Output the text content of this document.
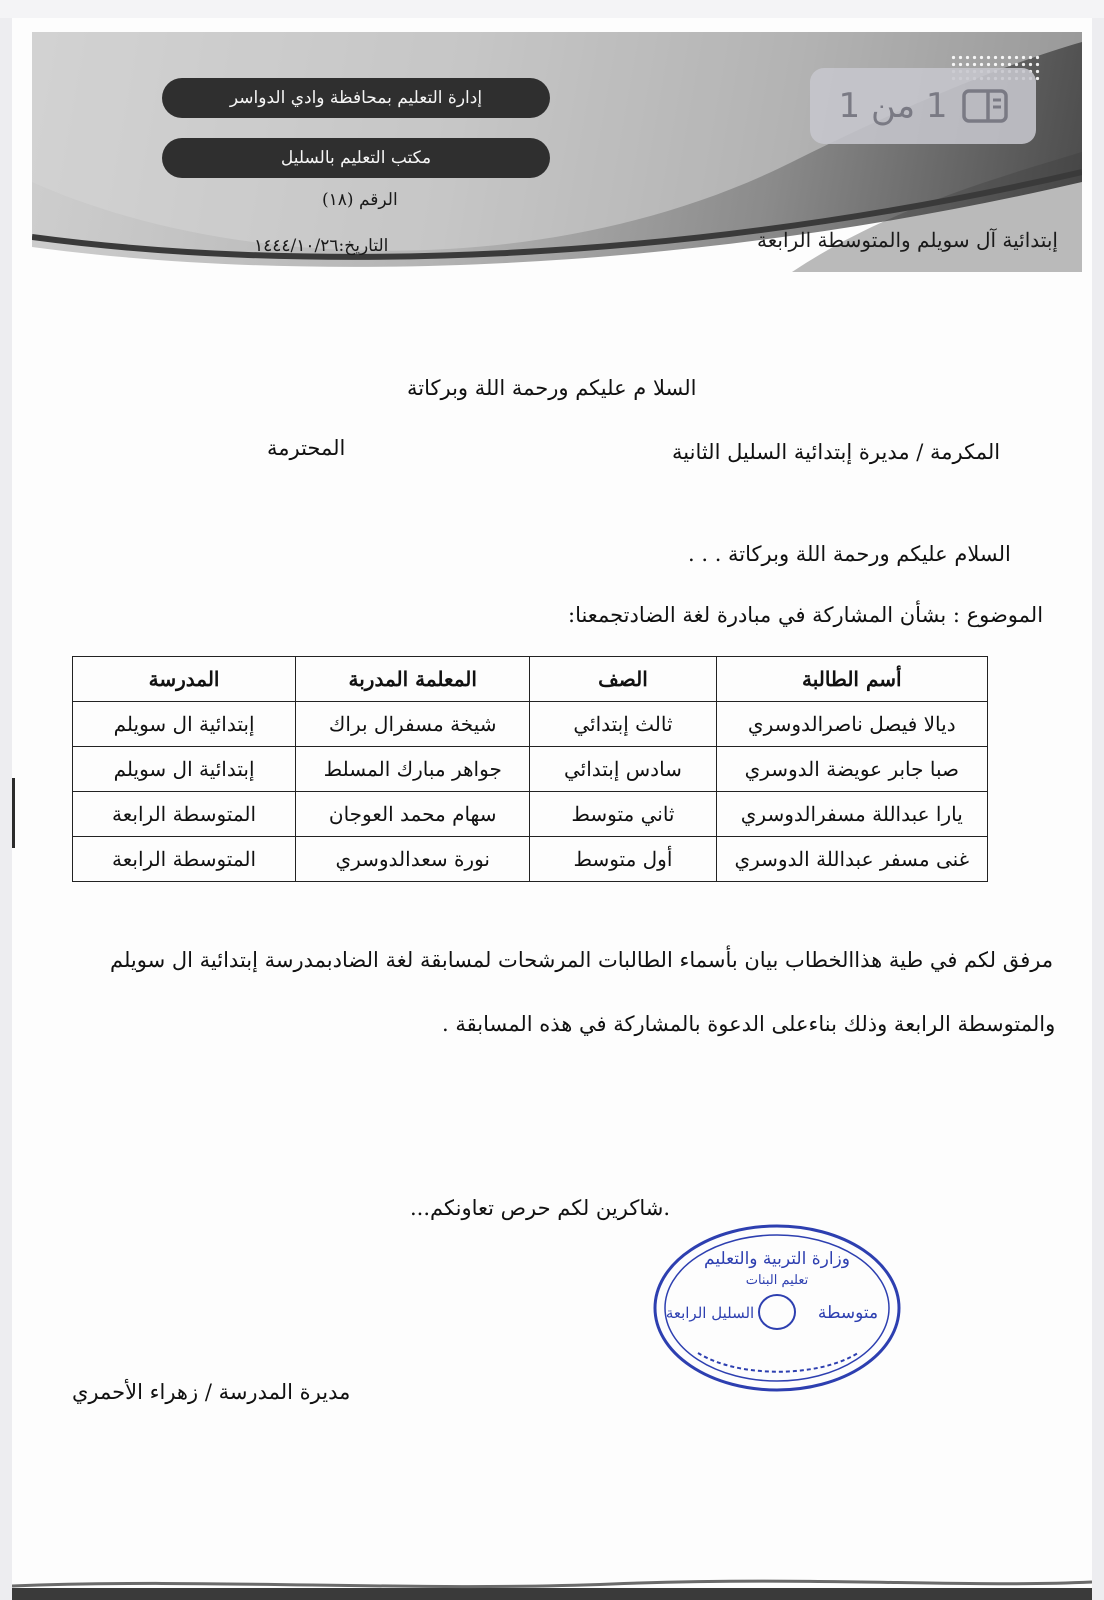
إدارة التعليم بمحافظة وادي الدواسر
مكتب التعليم بالسليل
الرقم (١٨)
التاريخ:١٤٤٤/١٠/٢٦	إبتدائية آل سويلم والمتوسطة الرابعة
1 من 1
السلا م عليكم ورحمة اللة وبركاتة
المكرمة / مديرة إبتدائية السليل الثانية
المحترمة
السلام عليكم ورحمة اللة وبركاتة . . .
الموضوع : بشأن المشاركة في مبادرة لغة الضادتجمعنا:
أسم الطالبة	الصف	المعلمة المدربة	المدرسة
ديالا فيصل ناصرالدوسري	ثالث إبتدائي	شيخة مسفرال براك	إبتدائية ال سويلم
صبا جابر عويضة الدوسري	سادس إبتدائي	جواهر مبارك المسلط	إبتدائية ال سويلم
يارا عبداللة مسفرالدوسري	ثاني متوسط	سهام محمد العوجان	المتوسطة الرابعة
غنى مسفر عبداللة الدوسري	أول متوسط	نورة سعدالدوسري	المتوسطة الرابعة
مرفق لكم في طية هذاالخطاب بيان بأسماء الطالبات المرشحات لمسابقة لغة الضادبمدرسة إبتدائية ال سويلم
والمتوسطة الرابعة وذلك بناءعلى الدعوة بالمشاركة في هذه المسابقة .
.شاكرين لكم حرص تعاونكم...
وزارة التربية والتعليم
تعليم البنات
متوسطة
السليل الرابعة
مديرة المدرسة / زهراء الأحمري
